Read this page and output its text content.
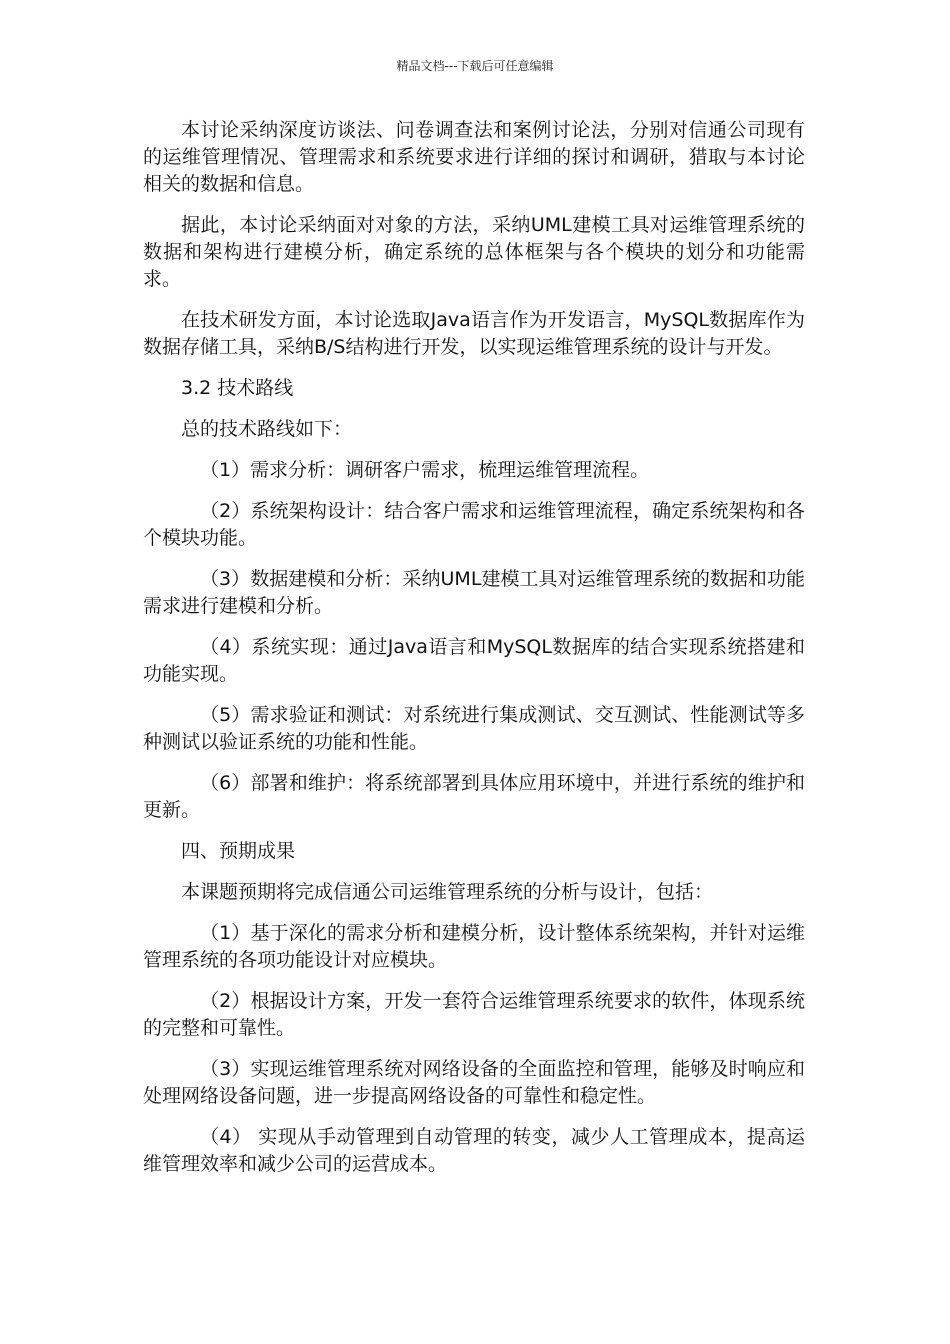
精品文档---下载后可任意编辑

本讨论采纳深度访谈法、问卷调查法和案例讨论法，分别对信通公司现有的运维管理情况、管理需求和系统要求进行详细的探讨和调研，猎取与本讨论相关的数据和信息。

据此，本讨论采纳面对对象的方法，采纳UML建模工具对运维管理系统的数据和架构进行建模分析，确定系统的总体框架与各个模块的划分和功能需求。

在技术研发方面，本讨论选取Java语言作为开发语言，MySQL数据库作为数据存储工具，采纳B/S结构进行开发，以实现运维管理系统的设计与开发。

3.2 技术路线

总的技术路线如下：

（1）需求分析：调研客户需求，梳理运维管理流程。

（2）系统架构设计：结合客户需求和运维管理流程，确定系统架构和各个模块功能。

（3）数据建模和分析：采纳UML建模工具对运维管理系统的数据和功能需求进行建模和分析。

（4）系统实现：通过Java语言和MySQL数据库的结合实现系统搭建和功能实现。

（5）需求验证和测试：对系统进行集成测试、交互测试、性能测试等多种测试以验证系统的功能和性能。

（6）部署和维护：将系统部署到具体应用环境中，并进行系统的维护和更新。

四、预期成果

本课题预期将完成信通公司运维管理系统的分析与设计，包括：

（1）基于深化的需求分析和建模分析，设计整体系统架构，并针对运维管理系统的各项功能设计对应模块。

（2）根据设计方案，开发一套符合运维管理系统要求的软件，体现系统的完整和可靠性。

（3）实现运维管理系统对网络设备的全面监控和管理，能够及时响应和处理网络设备问题，进一步提高网络设备的可靠性和稳定性。

（4） 实现从手动管理到自动管理的转变，减少人工管理成本，提高运维管理效率和减少公司的运营成本。
